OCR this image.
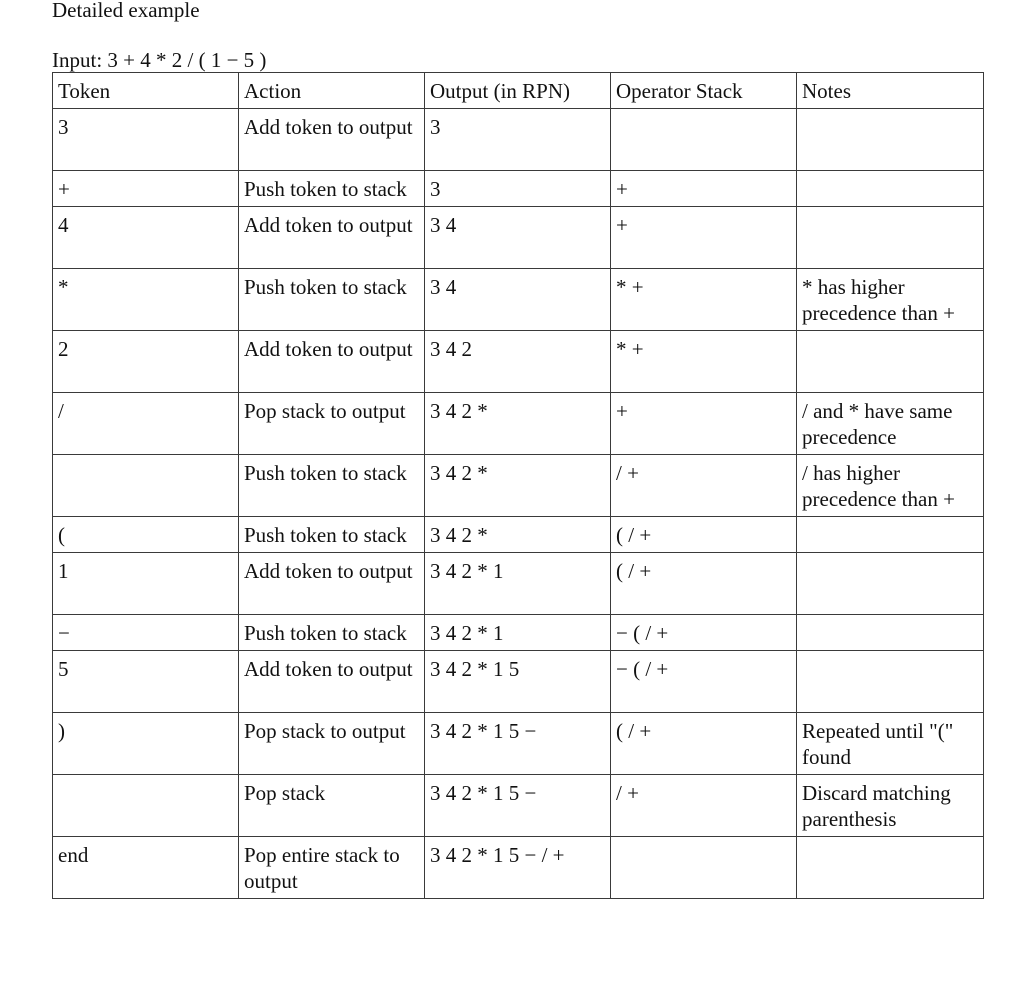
Detailed example
Input: 3 + 4 * 2 / ( 1 − 5 )
Token	Action	Output (in RPN)	Operator Stack	Notes
3	Add token to output	3		
+	Push token to stack	3	+	
4	Add token to output	3 4	+	
*	Push token to stack	3 4	* +	* has higher precedence than +
2	Add token to output	3 4 2	* +	
/	Pop stack to output	3 4 2 *	+	/ and * have same precedence
	Push token to stack	3 4 2 *	/ +	/ has higher precedence than +
(	Push token to stack	3 4 2 *	( / +	
1	Add token to output	3 4 2 * 1	( / +	
−	Push token to stack	3 4 2 * 1	− ( / +	
5	Add token to output	3 4 2 * 1 5	− ( / +	
)	Pop stack to output	3 4 2 * 1 5 −	( / +	Repeated until "(" found
	Pop stack	3 4 2 * 1 5 −	/ +	Discard matching parenthesis
end	Pop entire stack to output	3 4 2 * 1 5 − / +		
